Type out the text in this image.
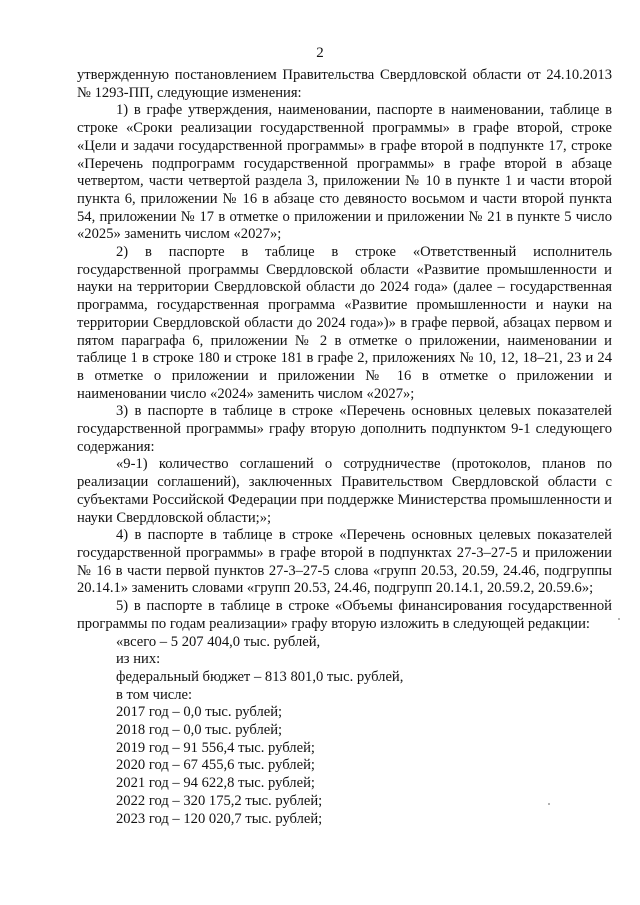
2

утвержденную постановлением Правительства Свердловской области от 24.10.2013 № 1293-ПП, следующие изменения:

1) в графе утверждения, наименовании, паспорте в наименовании, таблице в строке «Сроки реализации государственной программы» в графе второй, строке «Цели и задачи государственной программы» в графе второй в подпункте 17, строке «Перечень подпрограмм государственной программы» в графе второй в абзаце четвертом, части четвертой раздела 3, приложении № 10 в пункте 1 и части второй пункта 6, приложении № 16 в абзаце сто девяносто восьмом и части второй пункта 54, приложении № 17 в отметке о приложении и приложении № 21 в пункте 5 число «2025» заменить числом «2027»;

2) в паспорте в таблице в строке «Ответственный исполнитель государственной программы Свердловской области «Развитие промышленности и науки на территории Свердловской области до 2024 года» (далее – государственная программа, государственная программа «Развитие промышленности и науки на территории Свердловской области до 2024 года»)» в графе первой, абзацах первом и пятом параграфа 6, приложении № 2 в отметке о приложении, наименовании и таблице 1 в строке 180 и строке 181 в графе 2, приложениях № 10, 12, 18–21, 23 и 24 в отметке о приложении и приложении № 16 в отметке о приложении и наименовании число «2024» заменить числом «2027»;

3) в паспорте в таблице в строке «Перечень основных целевых показателей государственной программы» графу вторую дополнить подпунктом 9-1 следующего содержания:

«9-1) количество соглашений о сотрудничестве (протоколов, планов по реализации соглашений), заключенных Правительством Свердловской области с субъектами Российской Федерации при поддержке Министерства промышленности и науки Свердловской области;»;

4) в паспорте в таблице в строке «Перечень основных целевых показателей государственной программы» в графе второй в подпунктах 27-3–27-5 и приложении № 16 в части первой пунктов 27-3–27-5 слова «групп 20.53, 20.59, 24.46, подгруппы 20.14.1» заменить словами «групп 20.53, 24.46, подгрупп 20.14.1, 20.59.2, 20.59.6»;

5) в паспорте в таблице в строке «Объемы финансирования государственной программы по годам реализации» графу вторую изложить в следующей редакции:

«всего – 5 207 404,0 тыс. рублей,
из них:
федеральный бюджет – 813 801,0 тыс. рублей,
в том числе:
2017 год – 0,0 тыс. рублей;
2018 год – 0,0 тыс. рублей;
2019 год – 91 556,4 тыс. рублей;
2020 год – 67 455,6 тыс. рублей;
2021 год – 94 622,8 тыс. рублей;
2022 год – 320 175,2 тыс. рублей;
2023 год – 120 020,7 тыс. рублей;
